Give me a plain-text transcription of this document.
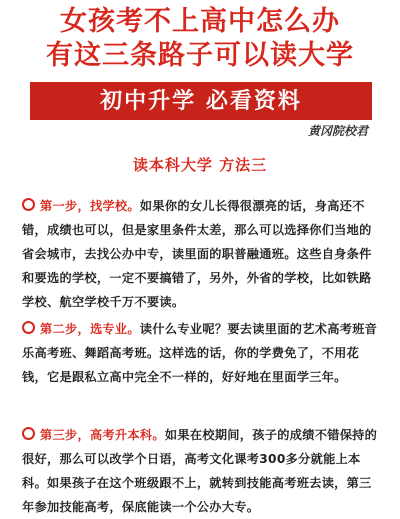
女孩考不上高中怎么办
有这三条路子可以读大学
初中升学 必看资料
黄冈院校君
读本科大学 方法三
第一步，找学校。如果你的女儿长得很漂亮的话，身高还不错，成绩也可以，但是家里条件太差，那么可以选择你们当地的省会城市，去找公办中专，读里面的职普融通班。这些自身条件和要选的学校，一定不要搞错了，另外，外省的学校，比如铁路学校、航空学校千万不要读。
第二步，选专业。读什么专业呢？要去读里面的艺术高考班音乐高考班、舞蹈高考班。这样选的话，你的学费免了，不用花钱，它是跟私立高中完全不一样的，好好地在里面学三年。
第三步，高考升本科。如果在校期间，孩子的成绩不错保持的很好，那么可以改学个日语，高考文化课考300多分就能上本科。如果孩子在这个班级跟不上，就转到技能高考班去读，第三年参加技能高考，保底能读一个公办大专。
